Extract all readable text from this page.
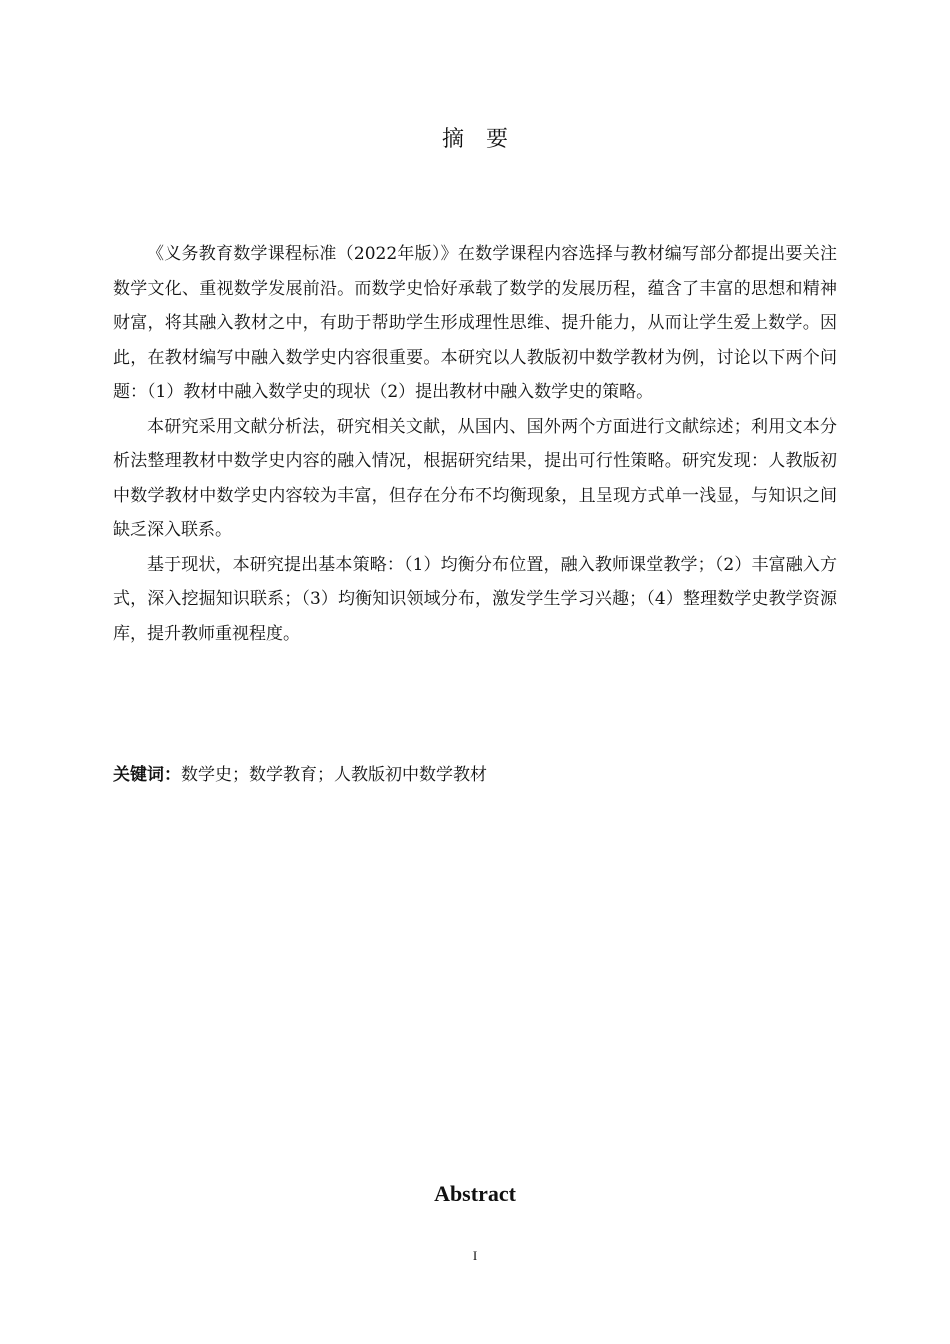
摘要

《义务教育数学课程标准（2022年版）》在数学课程内容选择与教材编写部分都提出要关注数学文化、重视数学发展前沿。而数学史恰好承载了数学的发展历程，蕴含了丰富的思想和精神财富，将其融入教材之中，有助于帮助学生形成理性思维、提升能力，从而让学生爱上数学。因此，在教材编写中融入数学史内容很重要。本研究以人教版初中数学教材为例，讨论以下两个问题：（1）教材中融入数学史的现状（2）提出教材中融入数学史的策略。

本研究采用文献分析法，研究相关文献，从国内、国外两个方面进行文献综述；利用文本分析法整理教材中数学史内容的融入情况，根据研究结果，提出可行性策略。研究发现：人教版初中数学教材中数学史内容较为丰富，但存在分布不均衡现象，且呈现方式单一浅显，与知识之间缺乏深入联系。

基于现状，本研究提出基本策略：（1）均衡分布位置，融入教师课堂教学；（2）丰富融入方式，深入挖掘知识联系；（3）均衡知识领域分布，激发学生学习兴趣；（4）整理数学史教学资源库，提升教师重视程度。

关键词：数学史；数学教育；人教版初中数学教材
Abstract
I
